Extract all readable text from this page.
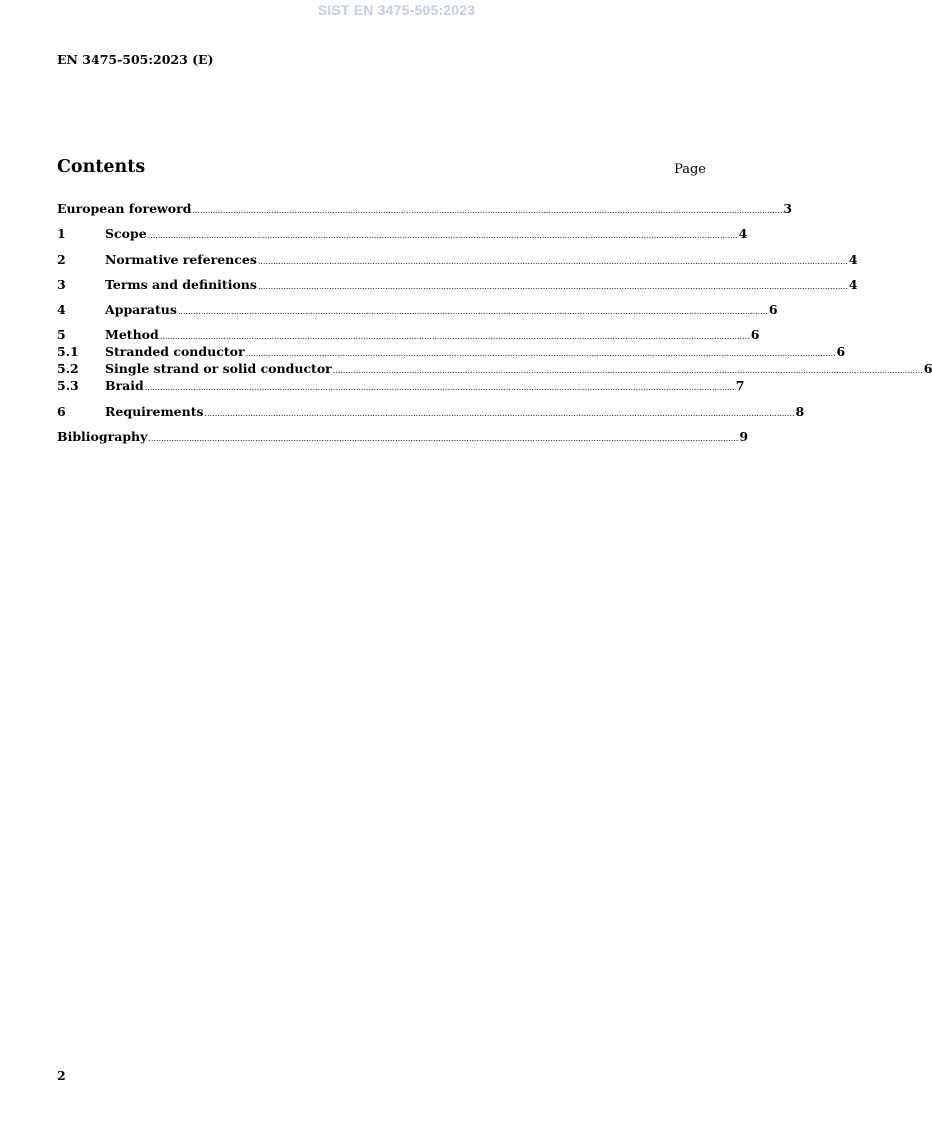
SIST EN 3475-505:2023
EN 3475-505:2023 (E)
Contents	Page
European foreword ........................................................................................................................................................................................................................................ 3
1	Scope ........................................................................................................................................................................................................................................ 4
2	Normative references ........................................................................................................................................................................................................................................ 4
3	Terms and definitions ........................................................................................................................................................................................................................................ 4
4	Apparatus ........................................................................................................................................................................................................................................ 6
5	Method ........................................................................................................................................................................................................................................ 6
5.1	Stranded conductor ........................................................................................................................................................................................................................................ 6
5.2	Single strand or solid conductor ........................................................................................................................................................................................................................................ 6
5.3	Braid ........................................................................................................................................................................................................................................ 7
6	Requirements ........................................................................................................................................................................................................................................ 8
Bibliography ........................................................................................................................................................................................................................................ 9
2
